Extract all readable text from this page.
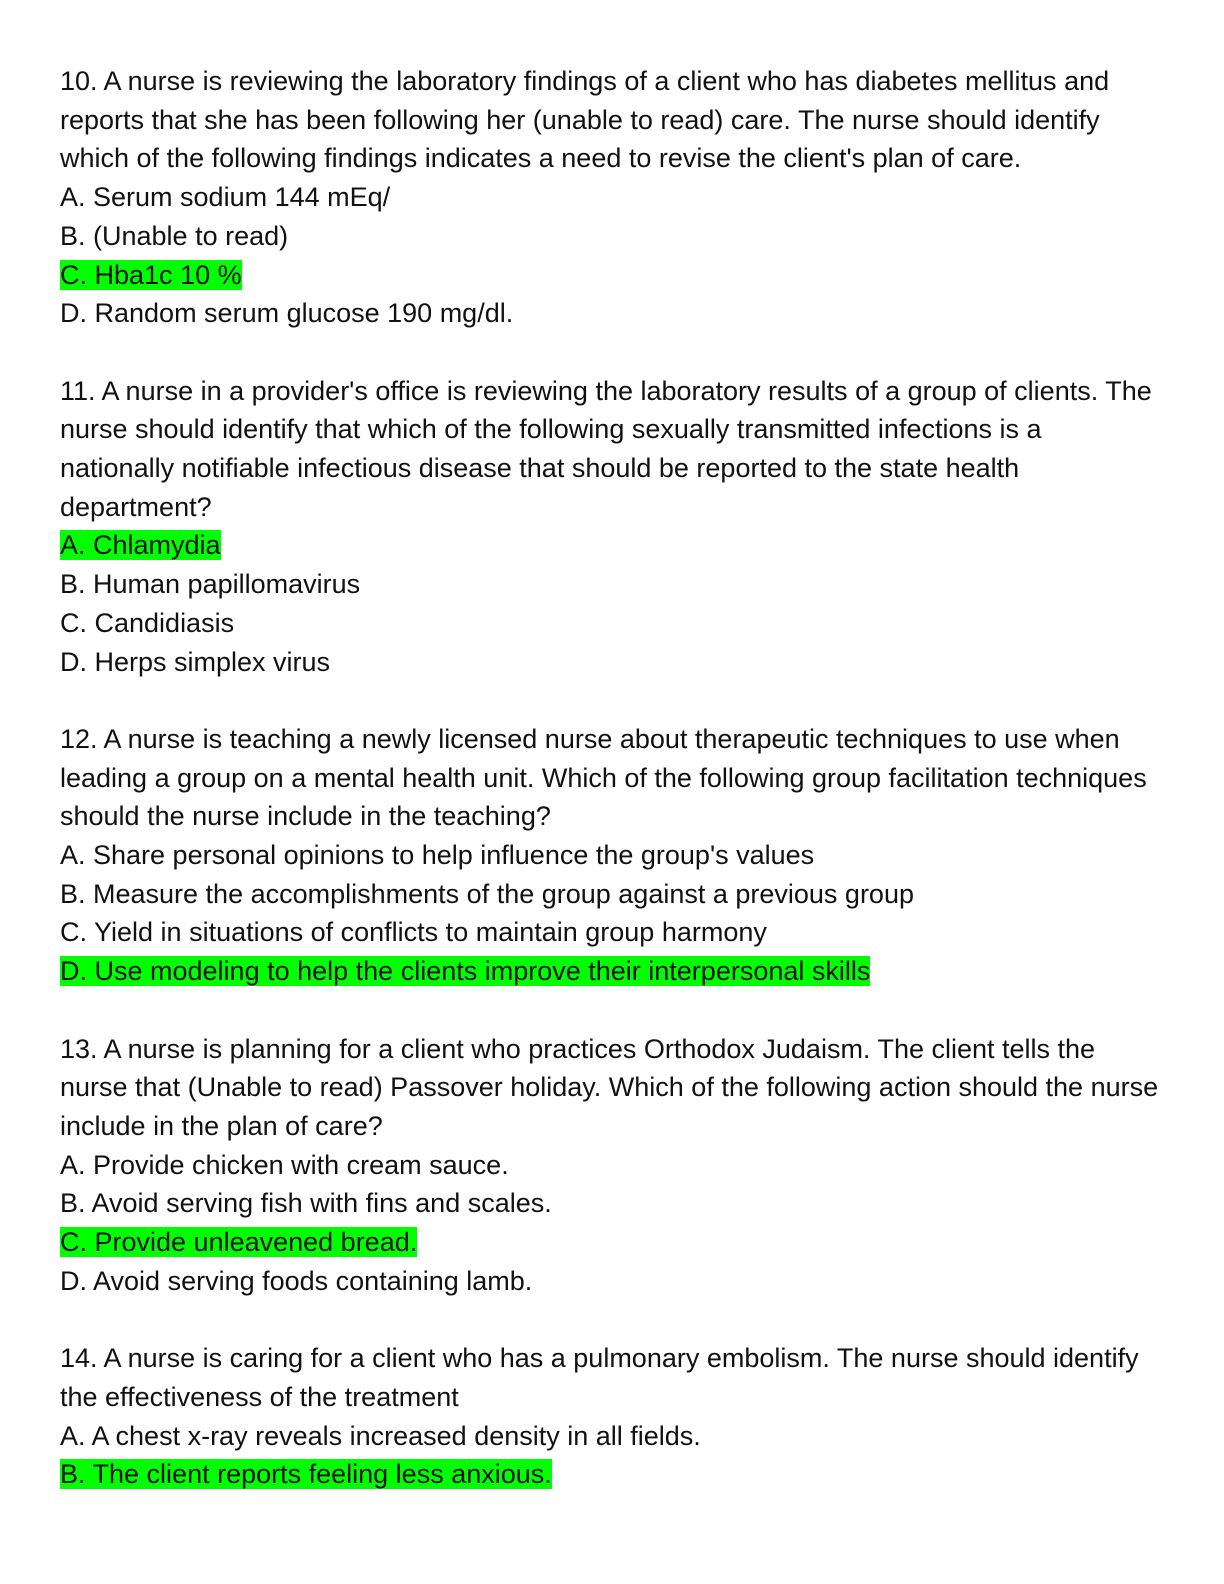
10. A nurse is reviewing the laboratory findings of a client who has diabetes mellitus and reports that she has been following her (unable to read) care. The nurse should identify which of the following findings indicates a need to revise the client's plan of care.
A. Serum sodium 144 mEq/
B. (Unable to read)
C. Hba1c 10 %
D. Random serum glucose 190 mg/dl.
11. A nurse in a provider's office is reviewing the laboratory results of a group of clients. The nurse should identify that which of the following sexually transmitted infections is a nationally notifiable infectious disease that should be reported to the state health department?
A. Chlamydia
B. Human papillomavirus
C. Candidiasis
D. Herps simplex virus
12. A nurse is teaching a newly licensed nurse about therapeutic techniques to use when leading a group on a mental health unit. Which of the following group facilitation techniques should the nurse include in the teaching?
A. Share personal opinions to help influence the group's values
B. Measure the accomplishments of the group against a previous group
C. Yield in situations of conflicts to maintain group harmony
D. Use modeling to help the clients improve their interpersonal skills
13. A nurse is planning for a client who practices Orthodox Judaism. The client tells the nurse that (Unable to read) Passover holiday. Which of the following action should the nurse include in the plan of care?
A. Provide chicken with cream sauce.
B. Avoid serving fish with fins and scales.
C. Provide unleavened bread.
D. Avoid serving foods containing lamb.
14. A nurse is caring for a client who has a pulmonary embolism. The nurse should identify the effectiveness of the treatment
A. A chest x-ray reveals increased density in all fields.
B. The client reports feeling less anxious.
